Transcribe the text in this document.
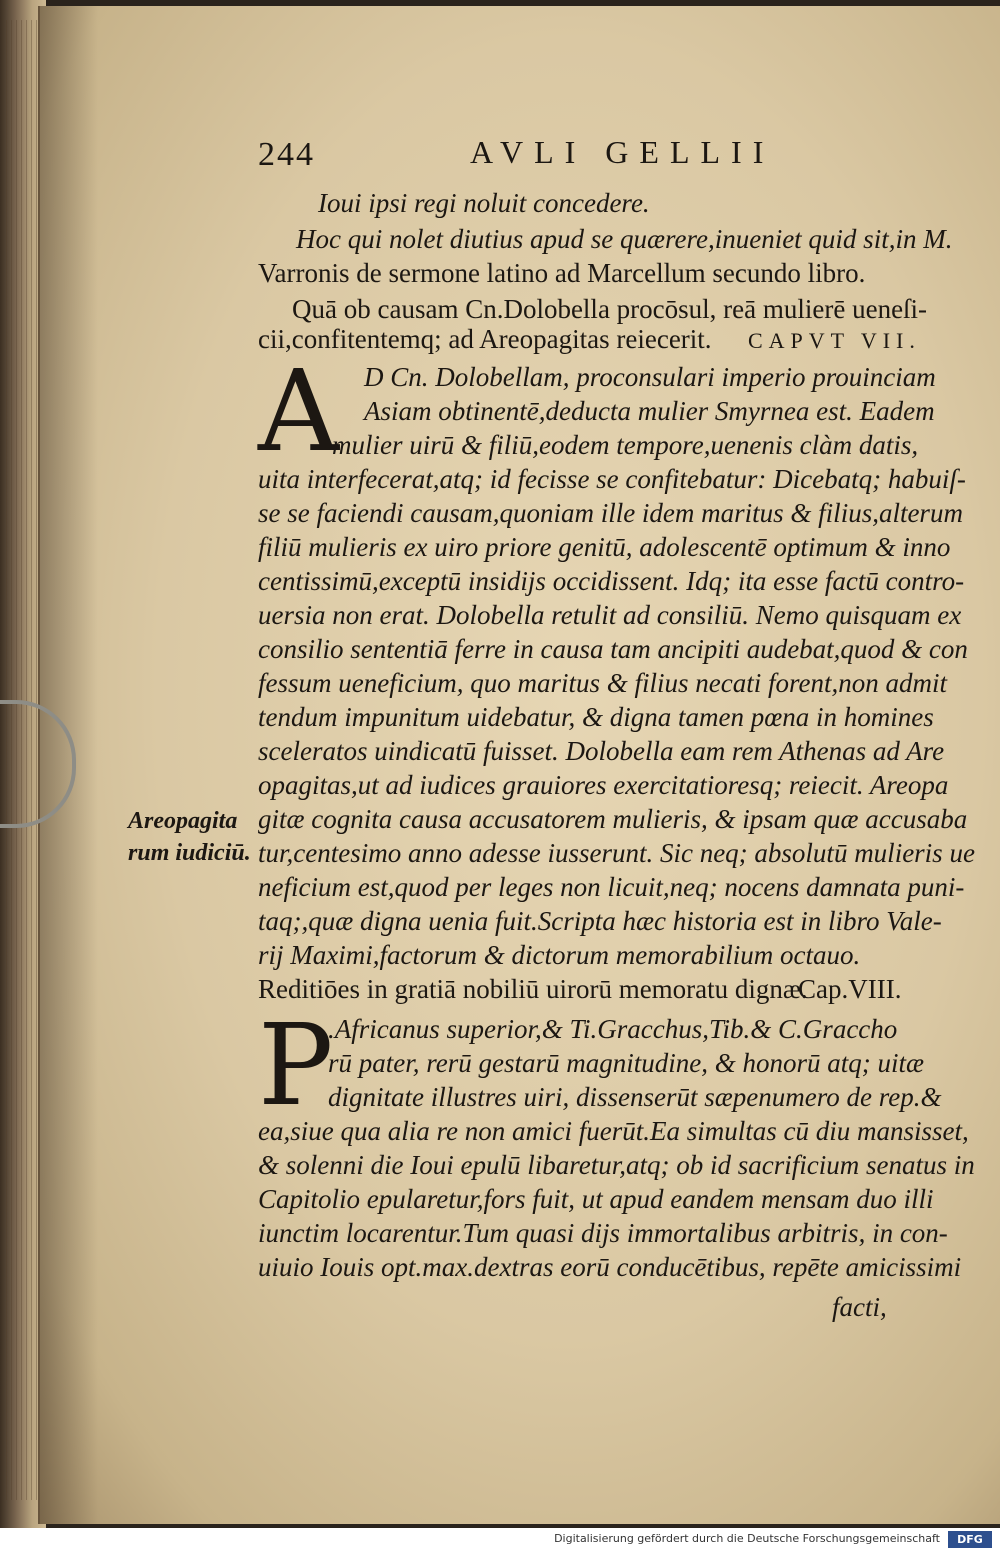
244	AVLI GELLII
Ioui ipsi regi noluit concedere.
Hoc qui nolet diutius apud se quærere,inueniet quid sit,in M.
Varronis de sermone latino ad Marcellum secundo libro.
Quā ob causam Cn.Dolobella procōsul, reā mulierē ueneſi-
cii,confitentemq; ad Areopagitas reiecerit. CAPVT VII.
A D Cn. Dolobellam, proconsulari imperio prouinciam
Asiam obtinentē,deducta mulier Smyrnea est. Eadem
mulier uirū & filiū,eodem tempore,uenenis clàm datis,
uita interfecerat,atq; id fecisse se confitebatur: Dicebatq; habuiſ-
se se faciendi causam,quoniam ille idem maritus & filius,alterum
filiū mulieris ex uiro priore genitū, adolescentē optimum & inno
centissimū,exceptū insidijs occidissent. Idq; ita esse factū contro-
uersia non erat. Dolobella retulit ad consiliū. Nemo quisquam ex
consilio sententiā ferre in causa tam ancipiti audebat,quod & con
fessum ueneficium, quo maritus & filius necati forent,non admit
tendum impunitum uidebatur, & digna tamen pœna in homines
sceleratos uindicatū fuisset. Dolobella eam rem Athenas ad Are
opagitas,ut ad iudices grauiores exercitatioresq; reiecit. Areopa
gitæ cognita causa accusatorem mulieris, & ipsam quæ accusaba
tur,centesimo anno adesse iusserunt. Sic neq; absolutū mulieris ue
neficium est,quod per leges non licuit,neq; nocens damnata puni-
taq;,quæ digna uenia fuit.Scripta hæc historia est in libro Vale-
rij Maximi,factorum & dictorum memorabilium octauo.
Areopagita
rum iudiciū.
Reditiōes in gratiā nobiliū uirorū memoratu dignæ.
Cap.VIII.
P
.Africanus superior,& Ti.Gracchus,Tib.& C.Graccho
rū pater, rerū gestarū magnitudine, & honorū atq; uitæ
dignitate illustres uiri, dissenserūt sæpenumero de rep.&
ea,siue qua alia re non amici fuerūt.Ea simultas cū diu mansisset,
& solenni die Ioui epulū libaretur,atq; ob id sacrificium senatus in
Capitolio epularetur,fors fuit, ut apud eandem mensam duo illi
iunctim locarentur.Tum quasi dijs immortalibus arbitris, in con-
uiuio Iouis opt.max.dextras eorū conducētibus, repēte amicissimi
facti,
Digitalisierung gefördert durch die Deutsche Forschungsgemeinschaft	DFG
